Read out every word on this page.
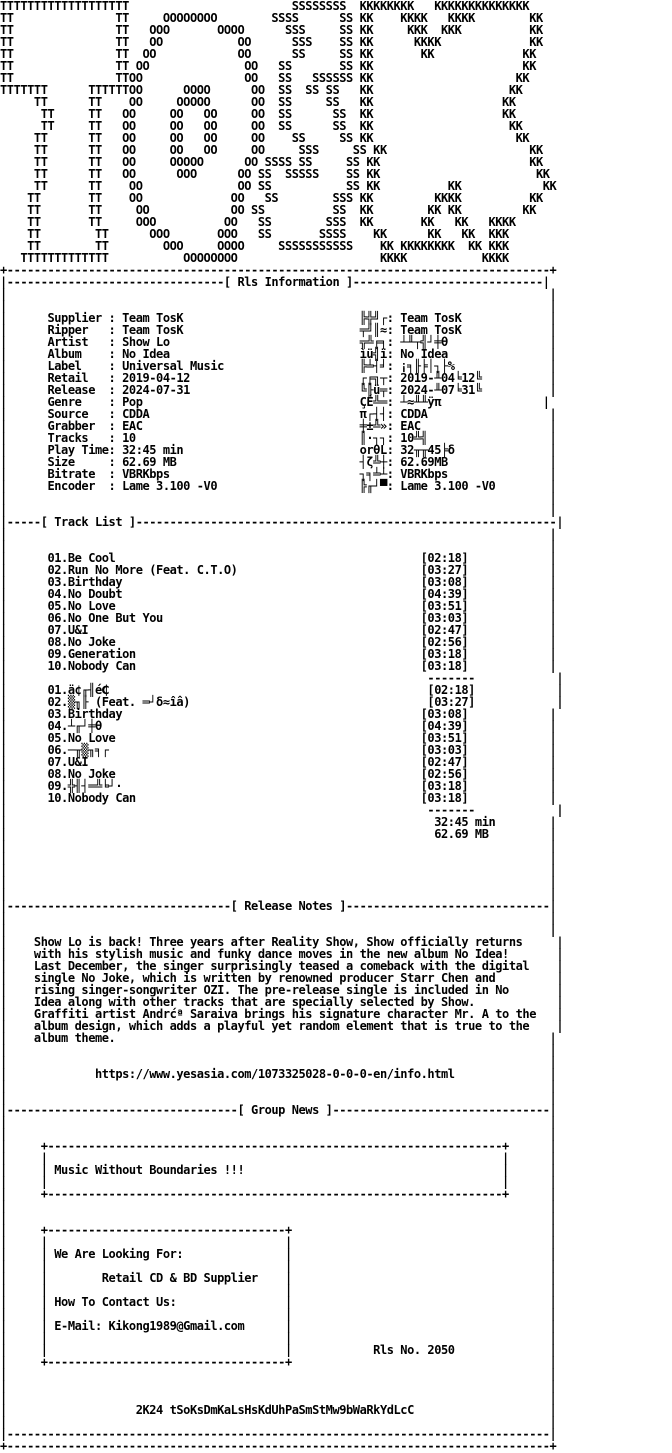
TTTTTTTTTTTTTTTTTTT                        SSSSSSSS  KKKKKKKK   KKKKKKKKKKKKKK
TT               TT     OOOOOOOO        SSSS      SS KK    KKKK   KKKK        KK
TT               TT   OOO       OOOO      SSS     SS KK     KKK  KKK          KK
TT               TT   OO           OO      SSS    SS KK      KKKK             KK
TT               TT  OO            OO      SS     SS KK       KK             KK
TT               TT OO              OO   SS       SS KK                      KK
TT               TTOO               OO   SS   SSSSSS KK                     KK
TTTTTTT      TTTTTTOO      OOOO      OO  SS  SS SS   KK                    KK
TT      TT    OO     OOOOO      OO  SS     SS   KK                   KK
TT     TT   OO     OO   OO     OO  SS      SS  KK                   KK
TT     TT   OO     OO   OO     OO  SS      SS  KK                    KK
TT      TT   OO     OO   OO     OO    SS     SS KK                     KK
TT      TT   OO     OO   OO     OO     SSS     SS KK                     KK
TT      TT   OO     OOOOO      OO SSSS SS     SS KK                      KK
TT      TT   OO      OOO      OO SS  SSSSS    SS KK                       KK
TT      TT    OO              OO SS           SS KK          KK            KK
TT       TT    OO             OO   SS        SSS KK         KKKK          KK
TT       TT     OO            OO SS          SS  KK        KK KK         KK
TT       TT     OOO          OO   SS        SSS  KK       KK   KK   KKKK
TT        TT      OOO       OOO   SS       SSSS    KK      KK   KK  KKK
TT        TT        OOO     OOOO     SSSSSSSSSSS    KK KKKKKKKK  KK KKK
TTTTTTTTTTTTT           OOOOOOOO                     KKKK           KKKK
+--------------------------------------------------------------------------------+
|--------------------------------[ Rls Information ]----------------------------|
|                                                                                |
|                                                                                |
|      Supplier : Team TosK                          ╠╬╝┌: Team TosK             |
|      Ripper   : Team TosK                          ╤╝║≈: Team TosK             |
|      Artist   : Show Lo                            ╦╩╒╕: ┴╨┬╣┘╪θ               |
|      Album    : No Idea                            ìü╣ï: No Idea               |
|      Label    : Universal Music                    ╠╧┤╛: ¡╕╟╞│┐├%              |
|      Retail   : 2019-04-12                         ┌╒╗┬: 2019-╨04╘12╚          |
|      Release  : 2024-07-31                         ╚╟ü╤: 2024-╨07╘31╚          |
|      Genre    : Pop                                ÇÉ╩═: ┴≈╨╨ÿπ               |
|      Source   : CDDA                               π┌┤┤: CDDA                  |
|      Grabber  : EAC                                ╪±╩»: EAC                   |
|      Tracks   : 10                                 ║·┐┐: 10╩╣                  |
|      Play Time: 32:45 min                          orθL: 32╥╥45╞δ              |
|      Size     : 62.69 MB                           ┤ζ╩┼: 62.69MB               |
|      Bitrate  : VBRKbps                            ┐╕╧┴: VBRKbps               |
|      Encoder  : Lame 3.100 -V0                     ╠╓┘▀: Lame 3.100 -V0        |
|                                                                                |
|                                                                                |
|-----[ Track List ]--------------------------------------------------------------|
|                                                                                |
|                                                                                |
|      01.Be Cool                                             [02:18]            |
|      02.Run No More (Feat. C.T.O)                           [03:27]            |
|      03.Birthday                                            [03:08]            |
|      04.No Doubt                                            [04:39]            |
|      05.No Love                                             [03:51]            |
|      06.No One But You                                      [03:03]            |
|      07.U&I                                                 [02:47]            |
|      08.No Joke                                             [02:56]            |
|      09.Generation                                          [03:18]            |
|      10.Nobody Can                                          [03:18]            |
|                                                              -------            |
|      01.ä¢╓╢é₵                                               [02:18]            |
|      02.▒╖╟ (Feat. ═┘δ≈îâ)                                   [03:27]            |
|      03.Birthday                                            [03:08]            |
|      04.┴╓┘╪θ                                               [04:39]            |
|      05.No Love                                             [03:51]            |
|      06.─╥▒╖╕┌                                              [03:03]            |
|      07.U&I                                                 [02:47]            |
|      08.No Joke                                             [02:56]            |
|      09.╬╢┤═╩╘┘·                                            [03:18]            |
|      10.Nobody Can                                          [03:18]            |
|                                                              -------            |
|                                                               32:45 min        |
|                                                               62.69 MB         |
|                                                                                |
|                                                                                |
|                                                                                |
|                                                                                |
|                                                                                |
|---------------------------------[ Release Notes ]------------------------------|
|                                                                                |
|                                                                                |
|    Show Lo is back! Three years after Reality Show, Show officially returns     |
|    with his stylish music and funky dance moves in the new album No Idea!       |
|    Last December, the singer surprisingly teased a comeback with the digital    |
|    single No Joke, which is written by renowned producer Starr Chen and         |
|    rising singer-songwriter OZI. The pre-release single is included in No       |
|    Idea along with other tracks that are specially selected by Show.            |
|    Graffiti artist Andrćª Saraiva brings his signature character Mr. A to the   |
|    album design, which adds a playful yet random element that is true to the    |
|    album theme.                                                                |
|                                                                                |
|                                                                                |
|             https://www.yesasia.com/1073325028-0-0-0-en/info.html              |
|                                                                                |
|                                                                                |
|----------------------------------[ Group News ]--------------------------------|
|                                                                                |
|                                                                                |
|     +-------------------------------------------------------------------+      |
|     |                                                                   |      |
|     | Music Without Boundaries !!!                                      |      |
|     |                                                                   |      |
|     +-------------------------------------------------------------------+      |
|                                                                                |
|                                                                                |
|     +-----------------------------------+                                      |
|     |                                   |                                      |
|     | We Are Looking For:               |                                      |
|     |                                   |                                      |
|     |        Retail CD & BD Supplier    |                                      |
|     |                                   |                                      |
|     | How To Contact Us:                |                                      |
|     |                                   |                                      |
|     | E-Mail: Kikong1989@Gmail.com      |                                      |
|     |                                   |                                      |
|     |                                   |            Rls No. 2050              |
|     +-----------------------------------+                                      |
|                                                                                |
|                                                                                |
|                                                                                |
|                   2K24 tSoKsDmKaLsHsKdUhPaSmStMw9bWaRkYdLcC                    |
|                                                                                |
|--------------------------------------------------------------------------------|
+--------------------------------------------------------------------------------+
